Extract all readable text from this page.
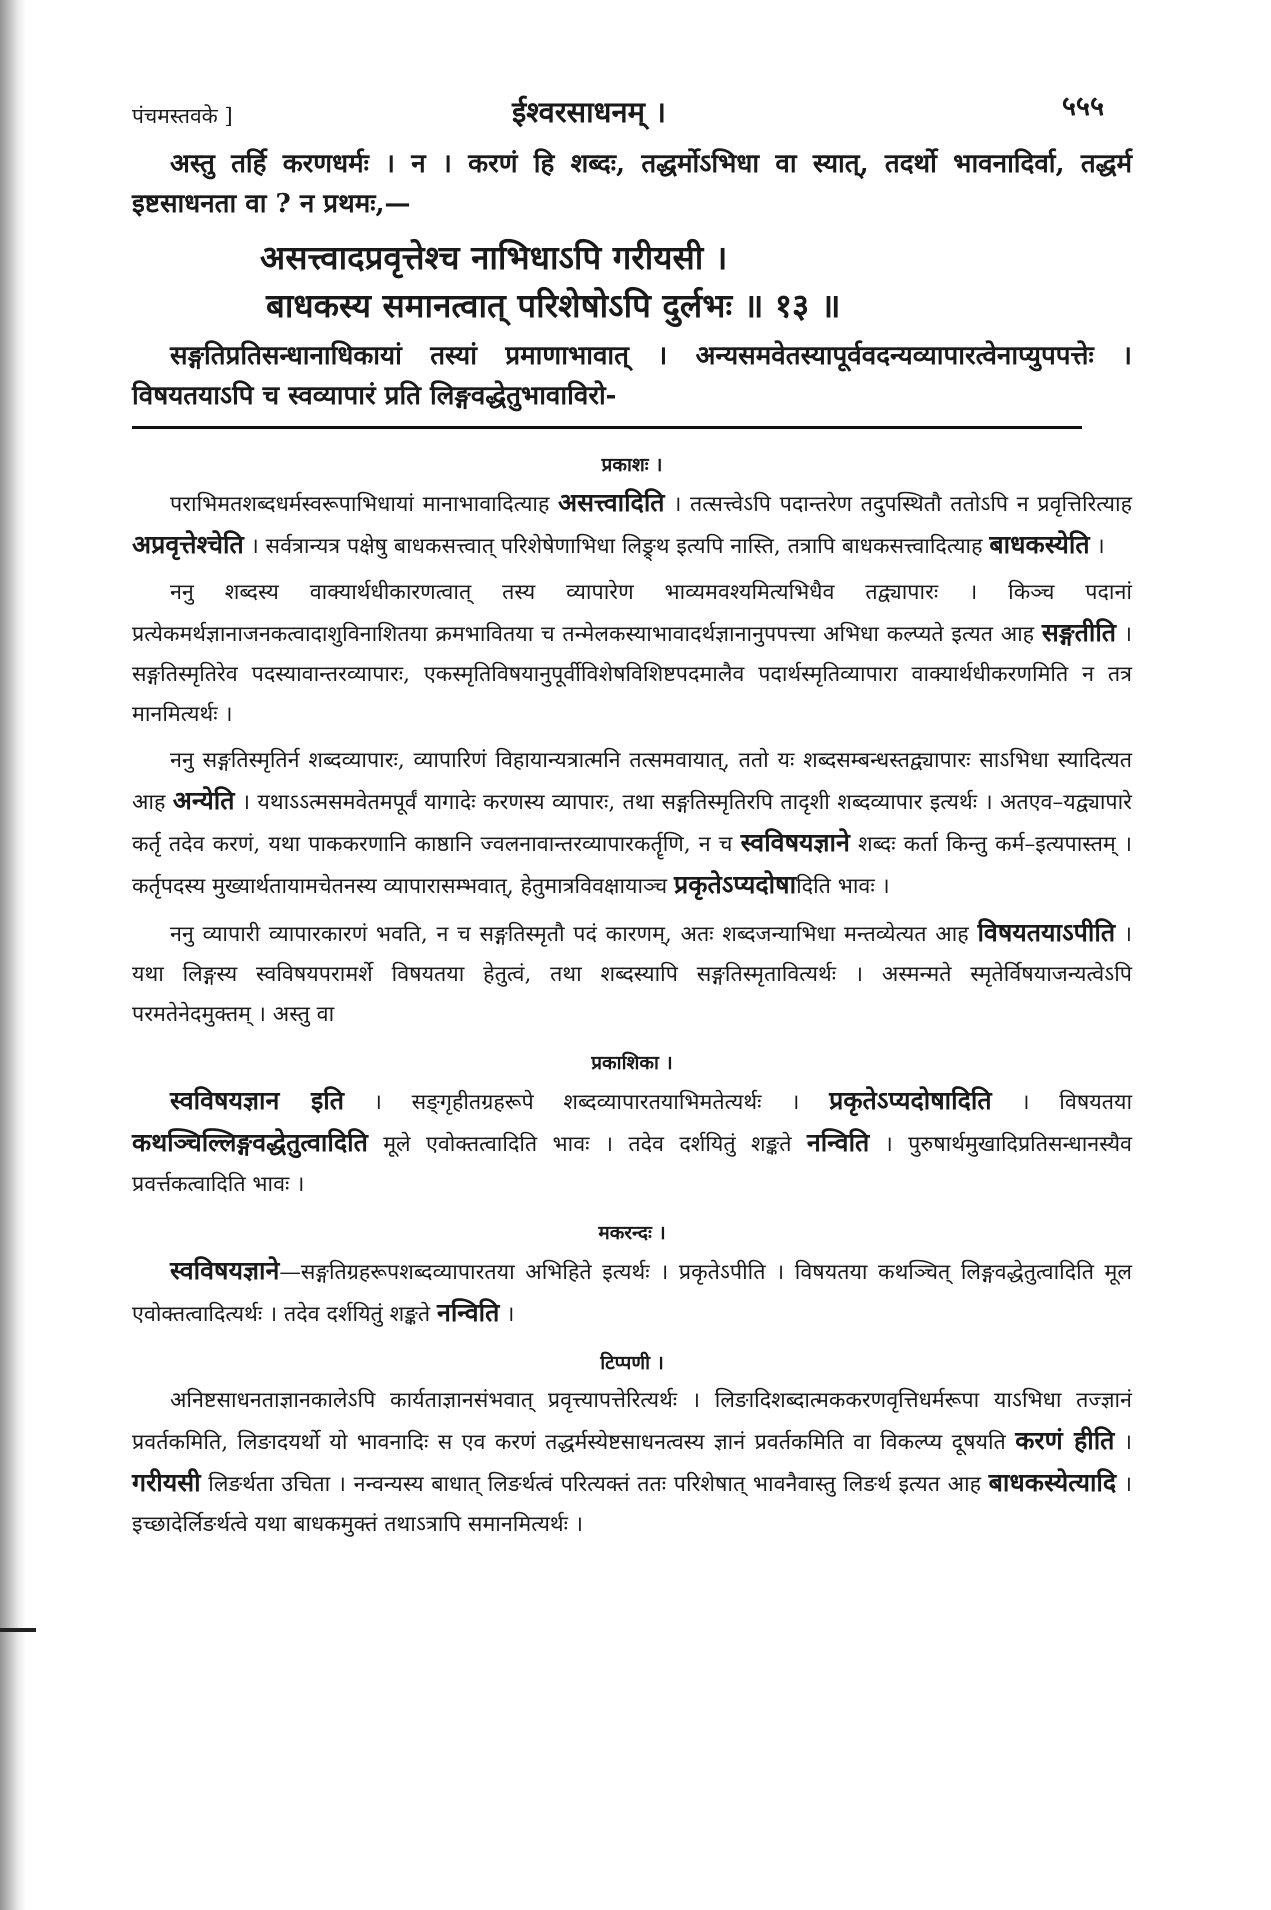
पंचमस्तवके ]	ईश्वरसाधनम् ।	५५५

अस्तु तर्हि करणधर्मः । न । करणं हि शब्दः, तद्धर्मोऽभिधा वा स्यात्, तदर्थो भावनादिर्वा, तद्धर्म इष्टसाधनता वा ? न प्रथमः,—

असत्त्वादप्रवृत्तेश्च नाभिधाऽपि गरीयसी ।
बाधकस्य समानत्वात् परिशेषोऽपि दुर्लभः ॥ १३ ॥

सङ्गतिप्रतिसन्धानाधिकायां तस्यां प्रमाणाभावात् । अन्यसमवेतस्यापूर्ववदन्यव्यापारत्वेनाप्युपपत्तेः । विषयतयाऽपि च स्वव्यापारं प्रति लिङ्गवद्धेतुभावाविरो-

प्रकाशः ।

पराभिमतशब्दधर्मस्वरूपाभिधायां मानाभावादित्याह असत्त्वादिति । तत्सत्त्वेऽपि पदान्तरेण तदुपस्थितौ ततोऽपि न प्रवृत्तिरित्याह अप्रवृत्तेश्चेति । सर्वत्रान्यत्र पक्षेषु बाधकसत्त्वात् परिशेषेणाभिधा लिङ्र्थ इत्यपि नास्ति, तत्रापि बाधकसत्त्वादित्याह बाधकस्येति ।

ननु शब्दस्य वाक्यार्थधीकारणत्वात् तस्य व्यापारेण भाव्यमवश्यमित्यभिधैव तद्व्यापारः । किञ्च पदानां प्रत्येकमर्थज्ञानाजनकत्वादाशुविनाशितया क्रमभावितया च तन्मेलकस्याभावादर्थज्ञानानुपपत्त्या अभिधा कल्प्यते इत्यत आह सङ्गतीति । सङ्गतिस्मृतिरेव पदस्यावान्तरव्यापारः, एकस्मृतिविषयानुपूर्वीविशेषविशिष्टपदमालैव पदार्थस्मृतिव्यापारा वाक्यार्थधीकरणमिति न तत्र मानमित्यर्थः ।

ननु सङ्गतिस्मृतिर्न शब्दव्यापारः, व्यापारिणं विहायान्यत्रात्मनि तत्समवायात्, ततो यः शब्दसम्बन्धस्तद्व्यापारः साऽभिधा स्यादित्यत आह अन्येति । यथाऽऽत्मसमवेतमपूर्वं यागादेः करणस्य व्यापारः, तथा सङ्गतिस्मृतिरपि तादृशी शब्दव्यापार इत्यर्थः । अतएव–यद्व्यापारे कर्तृ तदेव करणं, यथा पाककरणानि काष्ठानि ज्वलनावान्तरव्यापारकर्तॄणि, न च स्वविषयज्ञाने शब्दः कर्ता किन्तु कर्म–इत्यपास्तम् । कर्तृपदस्य मुख्यार्थतायामचेतनस्य व्यापारासम्भवात्, हेतुमात्रविवक्षायाञ्च प्रकृतेऽप्यदोषादिति भावः ।

ननु व्यापारी व्यापारकारणं भवति, न च सङ्गतिस्मृतौ पदं कारणम्, अतः शब्दजन्याभिधा मन्तव्येत्यत आह विषयतयाऽपीति । यथा लिङ्गस्य स्वविषयपरामर्शे विषयतया हेतुत्वं, तथा शब्दस्यापि सङ्गतिस्मृतावित्यर्थः । अस्मन्मते स्मृतेर्विषयाजन्यत्वेऽपि परमतेनेदमुक्तम् । अस्तु वा

प्रकाशिका ।

स्वविषयज्ञान इति । सङ्गृहीतग्रहरूपे शब्दव्यापारतयाभिमतेत्यर्थः । प्रकृतेऽप्यदोषादिति । विषयतया कथञ्चिल्लिङ्गवद्धेतुत्वादिति मूले एवोक्तत्वादिति भावः । तदेव दर्शयितुं शङ्कते नन्विति । पुरुषार्थमुखादिप्रतिसन्धानस्यैव प्रवर्त्तकत्वादिति भावः ।

मकरन्दः ।

स्वविषयज्ञाने—सङ्गतिग्रहरूपशब्दव्यापारतया अभिहिते इत्यर्थः । प्रकृतेऽपीति । विषयतया कथञ्चित् लिङ्गवद्धेतुत्वादिति मूल एवोक्तत्वादित्यर्थः । तदेव दर्शयितुं शङ्कते नन्विति ।

टिप्पणी ।

अनिष्टसाधनताज्ञानकालेऽपि कार्यताज्ञानसंभवात् प्रवृत्त्यापत्तेरित्यर्थः । लिङादिशब्दात्मककरणवृत्तिधर्मरूपा याऽभिधा तज्ज्ञानं प्रवर्तकमिति, लिङादयर्थो यो भावनादिः स एव करणं तद्धर्मस्येष्टसाधनत्वस्य ज्ञानं प्रवर्तकमिति वा विकल्प्य दूषयति करणं हीति । गरीयसी लिङर्थता उचिता । नन्वन्यस्य बाधात् लिङर्थत्वं परित्यक्तं ततः परिशेषात् भावनैवास्तु लिङर्थ इत्यत आह बाधकस्येत्यादि । इच्छादेर्लिङर्थत्वे यथा बाधकमुक्तं तथाऽत्रापि समानमित्यर्थः ।
